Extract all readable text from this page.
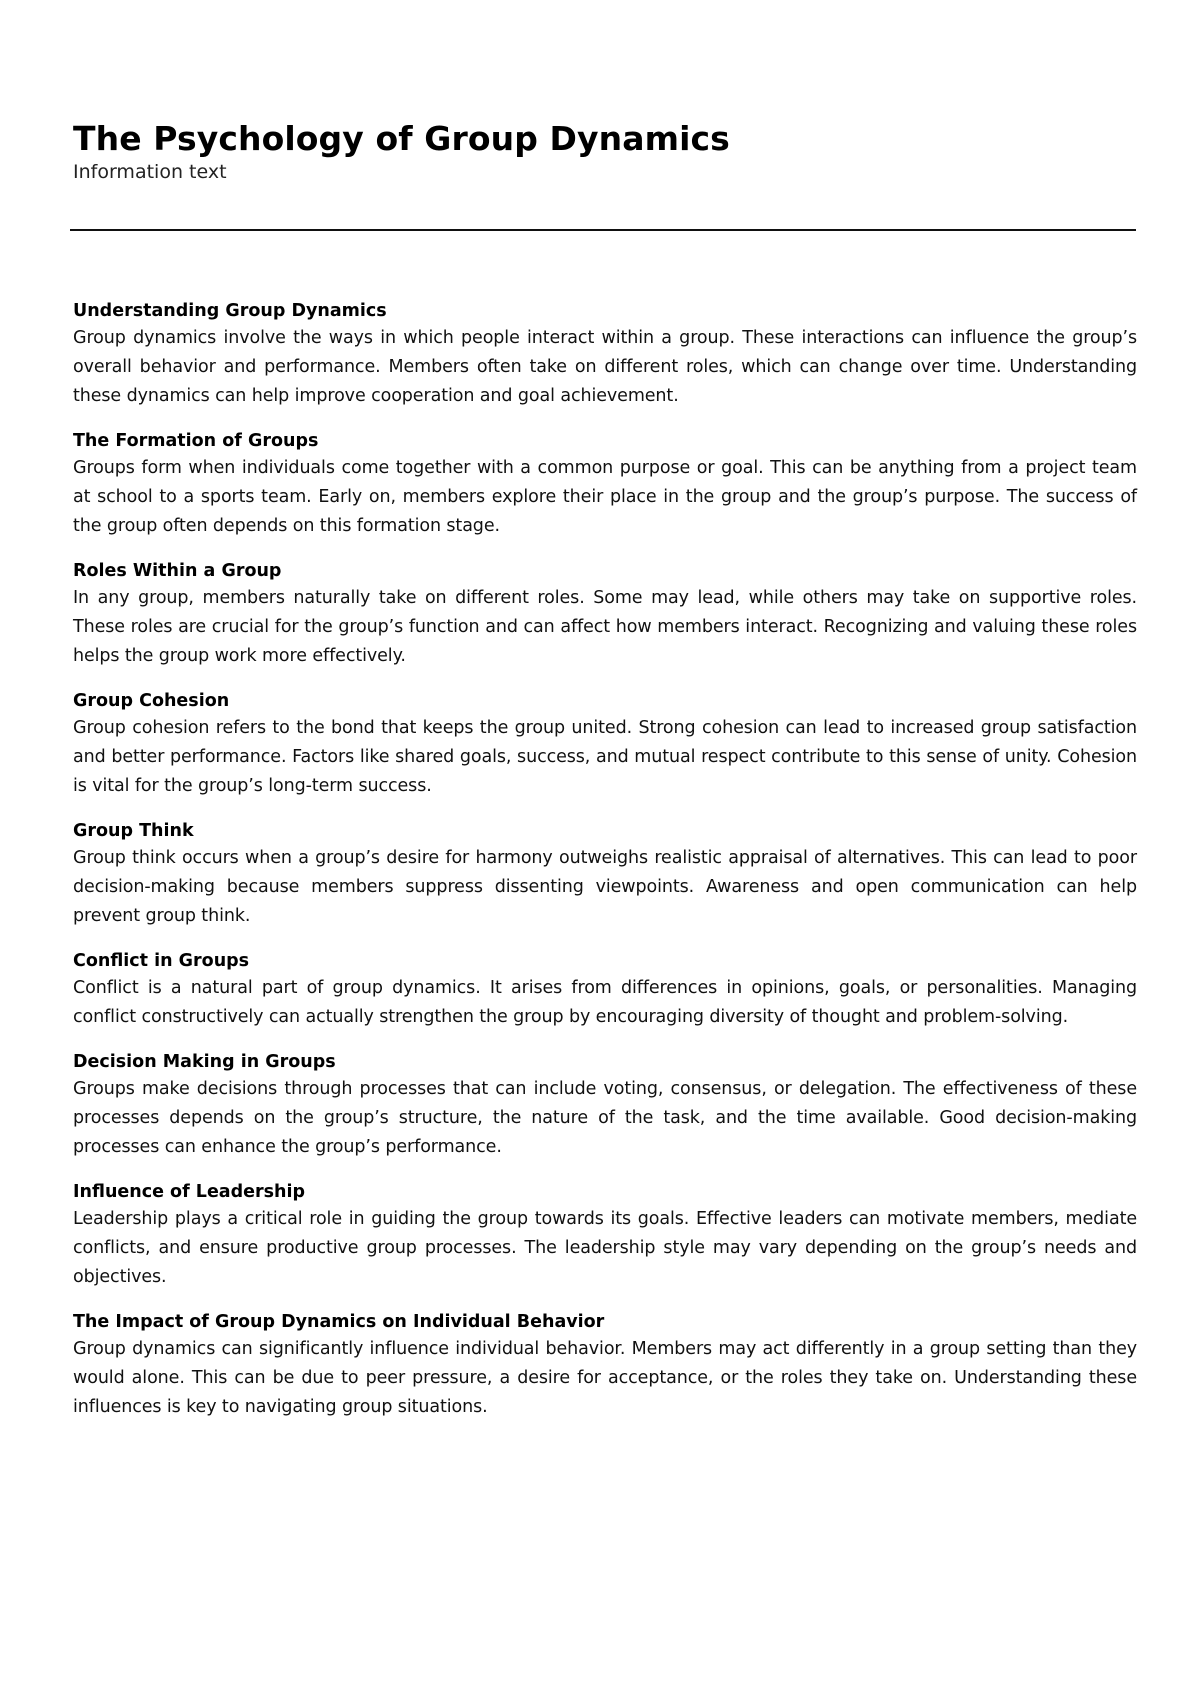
The Psychology of Group Dynamics

Information text

Understanding Group Dynamics

Group dynamics involve the ways in which people interact within a group. These interactions can influence the group’s overall behavior and performance. Members often take on different roles, which can change over time. Understanding these dynamics can help improve cooperation and goal achievement.

The Formation of Groups

Groups form when individuals come together with a common purpose or goal. This can be anything from a project team at school to a sports team. Early on, members explore their place in the group and the group’s purpose. The success of the group often depends on this formation stage.

Roles Within a Group

In any group, members naturally take on different roles. Some may lead, while others may take on supportive roles. These roles are crucial for the group’s function and can affect how members interact. Recognizing and valuing these roles helps the group work more effectively.

Group Cohesion

Group cohesion refers to the bond that keeps the group united. Strong cohesion can lead to increased group satisfaction and better performance. Factors like shared goals, success, and mutual respect contribute to this sense of unity. Cohesion is vital for the group’s long-term success.

Group Think

Group think occurs when a group’s desire for harmony outweighs realistic appraisal of alternatives. This can lead to poor decision-making because members suppress dissenting viewpoints. Awareness and open communication can help prevent group think.

Conflict in Groups

Conflict is a natural part of group dynamics. It arises from differences in opinions, goals, or personalities. Managing conflict constructively can actually strengthen the group by encouraging diversity of thought and problem-solving.

Decision Making in Groups

Groups make decisions through processes that can include voting, consensus, or delegation. The effectiveness of these processes depends on the group’s structure, the nature of the task, and the time available. Good decision-making processes can enhance the group’s performance.

Influence of Leadership

Leadership plays a critical role in guiding the group towards its goals. Effective leaders can motivate members, mediate conflicts, and ensure productive group processes. The leadership style may vary depending on the group’s needs and objectives.

The Impact of Group Dynamics on Individual Behavior

Group dynamics can significantly influence individual behavior. Members may act differently in a group setting than they would alone. This can be due to peer pressure, a desire for acceptance, or the roles they take on. Understanding these influences is key to navigating group situations.
